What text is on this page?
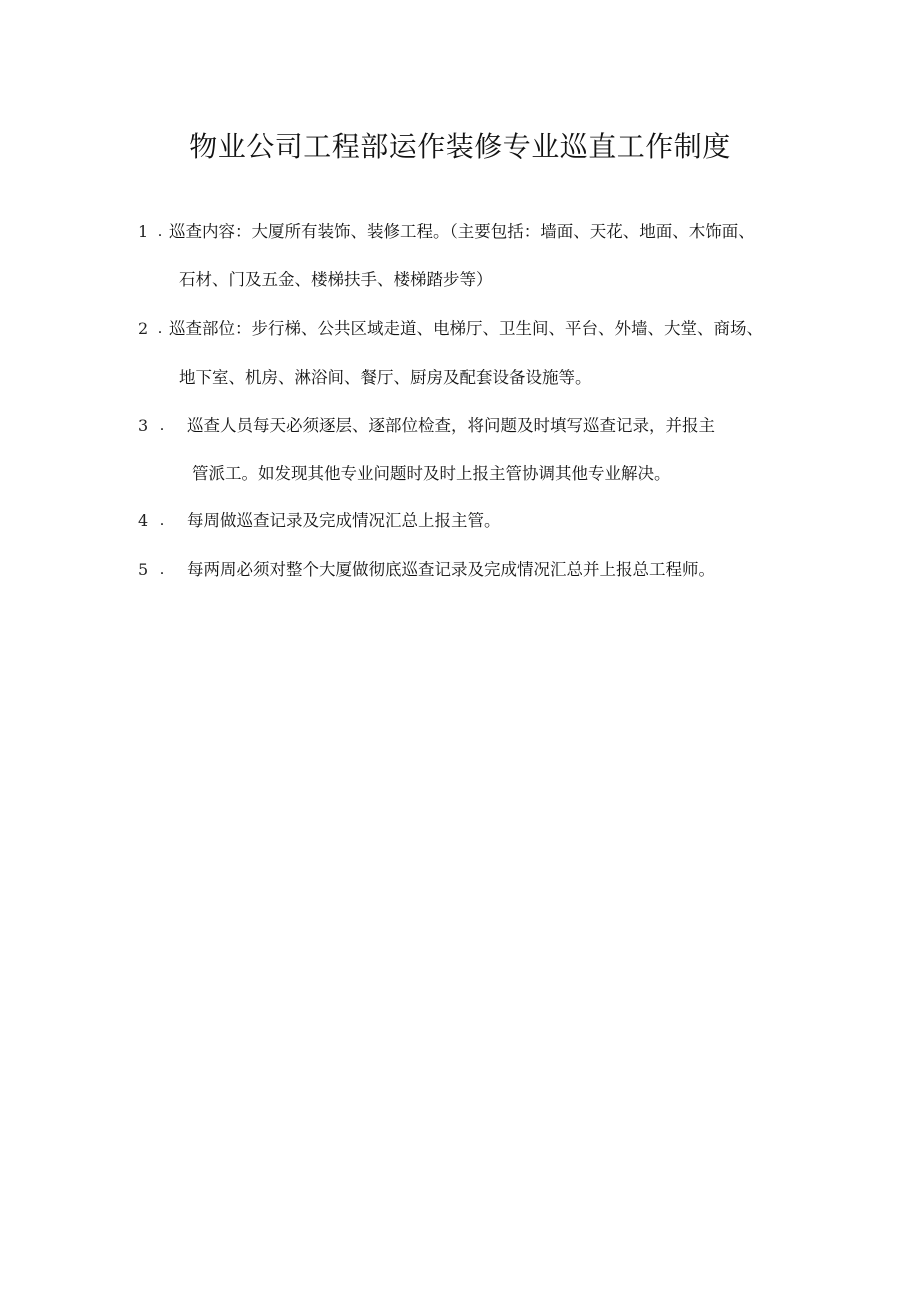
物业公司工程部运作装修专业巡直工作制度
1 . 巡查内容：大厦所有装饰、装修工程。（主要包括：墙面、天花、地面、木饰面、
石材、门及五金、楼梯扶手、楼梯踏步等）
2 . 巡查部位：步行梯、公共区域走道、电梯厅、卫生间、平台、外墙、大堂、商场、
地下室、机房、淋浴间、餐厅、厨房及配套设备设施等。
3 . 巡查人员每天必须逐层、逐部位检查，将问题及时填写巡查记录，并报主
管派工。如发现其他专业问题时及时上报主管协调其他专业解决。
4 . 每周做巡查记录及完成情况汇总上报主管。
5 . 每两周必须对整个大厦做彻底巡查记录及完成情况汇总并上报总工程师。
